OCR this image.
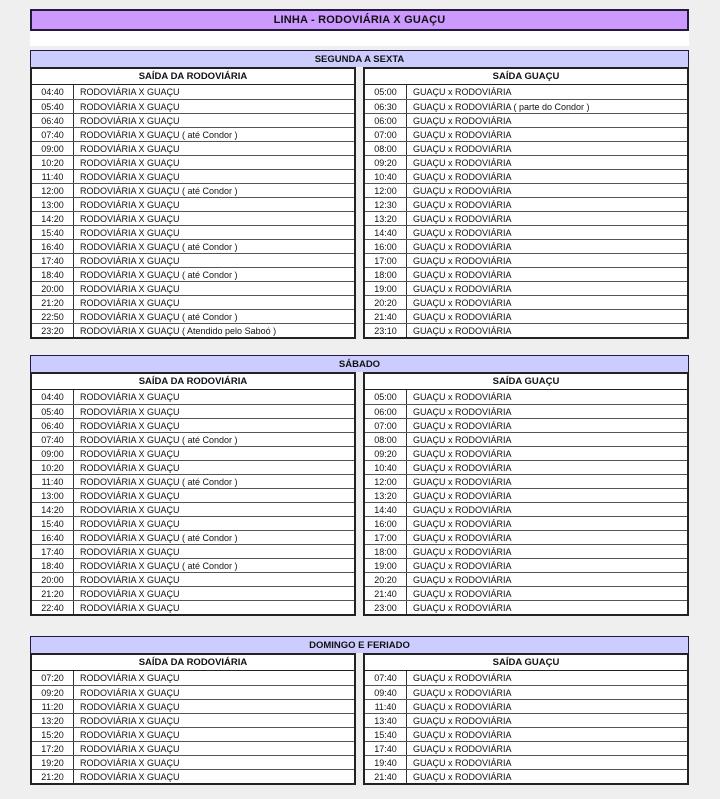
LINHA - RODOVIÁRIA X GUAÇU
SEGUNDA A SEXTA
SAÍDA DA RODOVIÁRIA
04:40	RODOVIÁRIA X GUAÇU
05:40	RODOVIÁRIA X GUAÇU
06:40	RODOVIÁRIA X GUAÇU
07:40	RODOVIÁRIA X GUAÇU ( até Condor )
09:00	RODOVIÁRIA X GUAÇU
10:20	RODOVIÁRIA X GUAÇU
11:40	RODOVIÁRIA X GUAÇU
12:00	RODOVIÁRIA X GUAÇU ( até Condor )
13:00	RODOVIÁRIA X GUAÇU
14:20	RODOVIÁRIA X GUAÇU
15:40	RODOVIÁRIA X GUAÇU
16:40	RODOVIÁRIA X GUAÇU ( até Condor )
17:40	RODOVIÁRIA X GUAÇU
18:40	RODOVIÁRIA X GUAÇU ( até Condor )
20:00	RODOVIÁRIA X GUAÇU
21:20	RODOVIÁRIA X GUAÇU
22:50	RODOVIÁRIA X GUAÇU ( até Condor )
23:20	RODOVIÁRIA X GUAÇU ( Atendido pelo Saboó )
SAÍDA GUAÇU
05:00	GUAÇU x RODOVIÁRIA
06:30	GUAÇU x RODOVIÁRIA ( parte do Condor )
06:00	GUAÇU x RODOVIÁRIA
07:00	GUAÇU x RODOVIÁRIA
08:00	GUAÇU x RODOVIÁRIA
09:20	GUAÇU x RODOVIÁRIA
10:40	GUAÇU x RODOVIÁRIA
12:00	GUAÇU x RODOVIÁRIA
12:30	GUAÇU x RODOVIÁRIA
13:20	GUAÇU x RODOVIÁRIA
14:40	GUAÇU x RODOVIÁRIA
16:00	GUAÇU x RODOVIÁRIA
17:00	GUAÇU x RODOVIÁRIA
18:00	GUAÇU x RODOVIÁRIA
19:00	GUAÇU x RODOVIÁRIA
20:20	GUAÇU x RODOVIÁRIA
21:40	GUAÇU x RODOVIÁRIA
23:10	GUAÇU x RODOVIÁRIA
SÁBADO
SAÍDA DA RODOVIÁRIA
04:40	RODOVIÁRIA X GUAÇU
05:40	RODOVIÁRIA X GUAÇU
06:40	RODOVIÁRIA X GUAÇU
07:40	RODOVIÁRIA X GUAÇU ( até Condor )
09:00	RODOVIÁRIA X GUAÇU
10:20	RODOVIÁRIA X GUAÇU
11:40	RODOVIÁRIA X GUAÇU ( até Condor )
13:00	RODOVIÁRIA X GUAÇU
14:20	RODOVIÁRIA X GUAÇU
15:40	RODOVIÁRIA X GUAÇU
16:40	RODOVIÁRIA X GUAÇU ( até Condor )
17:40	RODOVIÁRIA X GUAÇU
18:40	RODOVIÁRIA X GUAÇU ( até Condor )
20:00	RODOVIÁRIA X GUAÇU
21:20	RODOVIÁRIA X GUAÇU
22:40	RODOVIÁRIA X GUAÇU
SAÍDA GUAÇU
05:00	GUAÇU x RODOVIÁRIA
06:00	GUAÇU x RODOVIÁRIA
07:00	GUAÇU x RODOVIÁRIA
08:00	GUAÇU x RODOVIÁRIA
09:20	GUAÇU x RODOVIÁRIA
10:40	GUAÇU x RODOVIÁRIA
12:00	GUAÇU x RODOVIÁRIA
13:20	GUAÇU x RODOVIÁRIA
14:40	GUAÇU x RODOVIÁRIA
16:00	GUAÇU x RODOVIÁRIA
17:00	GUAÇU x RODOVIÁRIA
18:00	GUAÇU x RODOVIÁRIA
19:00	GUAÇU x RODOVIÁRIA
20:20	GUAÇU x RODOVIÁRIA
21:40	GUAÇU x RODOVIÁRIA
23:00	GUAÇU x RODOVIÁRIA
DOMINGO E FERIADO
SAÍDA DA RODOVIÁRIA
07:20	RODOVIÁRIA X GUAÇU
09:20	RODOVIÁRIA X GUAÇU
11:20	RODOVIÁRIA X GUAÇU
13:20	RODOVIÁRIA X GUAÇU
15:20	RODOVIÁRIA X GUAÇU
17:20	RODOVIÁRIA X GUAÇU
19:20	RODOVIÁRIA X GUAÇU
21:20	RODOVIÁRIA X GUAÇU
SAÍDA GUAÇU
07:40	GUAÇU x RODOVIÁRIA
09:40	GUAÇU x RODOVIÁRIA
11:40	GUAÇU x RODOVIÁRIA
13:40	GUAÇU x RODOVIÁRIA
15:40	GUAÇU x RODOVIÁRIA
17:40	GUAÇU x RODOVIÁRIA
19:40	GUAÇU x RODOVIÁRIA
21:40	GUAÇU x RODOVIÁRIA
